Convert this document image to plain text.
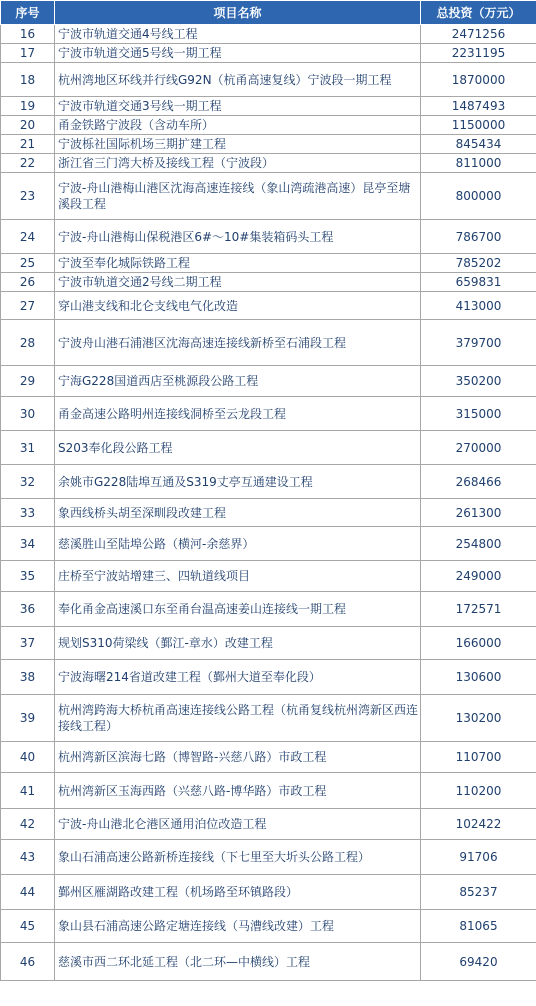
序号	项目名称	总投资（万元）
16	宁波市轨道交通4号线工程	2471256
17	宁波市轨道交通5号线一期工程	2231195
18	杭州湾地区环线并行线G92N（杭甬高速复线）宁波段一期工程	1870000
19	宁波市轨道交通3号线一期工程	1487493
20	甬金铁路宁波段（含动车所）	1150000
21	宁波栎社国际机场三期扩建工程	845434
22	浙江省三门湾大桥及接线工程（宁波段）	811000
23	宁波-舟山港梅山港区沈海高速连接线（象山湾疏港高速）昆亭至塘溪段工程	800000
24	宁波-舟山港梅山保税港区6#～10#集装箱码头工程	786700
25	宁波至奉化城际铁路工程	785202
26	宁波市轨道交通2号线二期工程	659831
27	穿山港支线和北仑支线电气化改造	413000
28	宁波舟山港石浦港区沈海高速连接线新桥至石浦段工程	379700
29	宁海G228国道西店至桃源段公路工程	350200
30	甬金高速公路明州连接线洞桥至云龙段工程	315000
31	S203奉化段公路工程	270000
32	余姚市G228陆埠互通及S319丈亭互通建设工程	268466
33	象西线桥头胡至深甽段改建工程	261300
34	慈溪胜山至陆埠公路（横河-余慈界）	254800
35	庄桥至宁波站增建三、四轨道线项目	249000
36	奉化甬金高速溪口东至甬台温高速姜山连接线一期工程	172571
37	规划S310荷梁线（鄞江-章水）改建工程	166000
38	宁波海曙214省道改建工程（鄞州大道至奉化段）	130600
39	杭州湾跨海大桥杭甬高速连接线公路工程（杭甬复线杭州湾新区西连接线工程）	130200
40	杭州湾新区滨海七路（博智路-兴慈八路）市政工程	110700
41	杭州湾新区玉海西路（兴慈八路-博华路）市政工程	110200
42	宁波-舟山港北仑港区通用泊位改造工程	102422
43	象山石浦高速公路新桥连接线（下七里至大圻头公路工程）	91706
44	鄞州区雁湖路改建工程（机场路至环镇路段）	85237
45	象山县石浦高速公路定塘连接线（马漕线改建）工程	81065
46	慈溪市西二环北延工程（北二环—中横线）工程	69420
